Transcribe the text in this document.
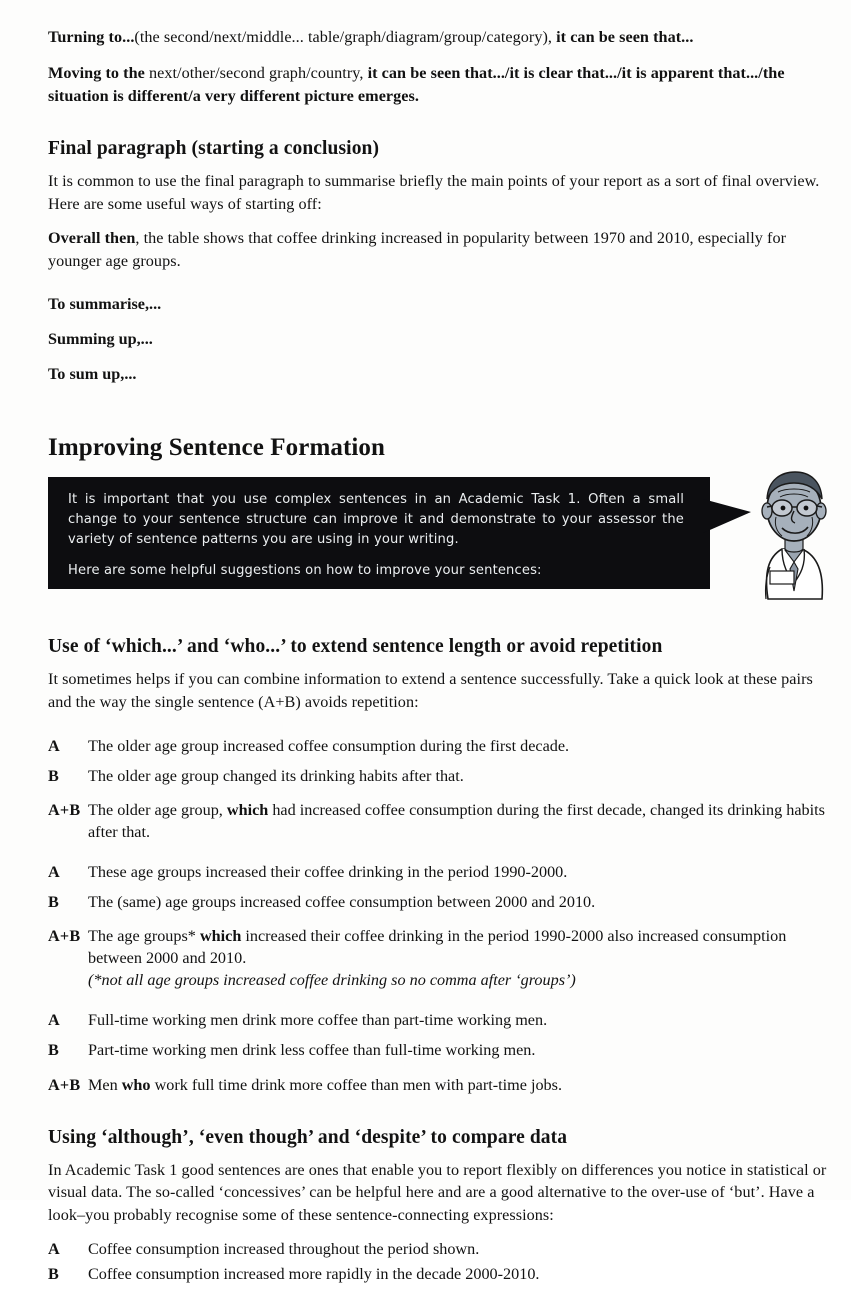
Turning to...(the second/next/middle... table/graph/diagram/group/category), it can be seen that...

Moving to the next/other/second graph/country, it can be seen that.../it is clear that.../it is apparent that.../the situation is different/a very different picture emerges.

Final paragraph (starting a conclusion)

It is common to use the final paragraph to summarise briefly the main points of your report as a sort of final overview. Here are some useful ways of starting off:

Overall then, the table shows that coffee drinking increased in popularity between 1970 and 2010, especially for younger age groups.

To summarise,...

Summing up,...

To sum up,...

Improving Sentence Formation

It is important that you use complex sentences in an Academic Task 1. Often a small change to your sentence structure can improve it and demonstrate to your assessor the variety of sentence patterns you are using in your writing.

Here are some helpful suggestions on how to improve your sentences:

Use of ‘which...’ and ‘who...’ to extend sentence length or avoid repetition

It sometimes helps if you can combine information to extend a sentence successfully. Take a quick look at these pairs and the way the single sentence (A+B) avoids repetition:

A	The older age group increased coffee consumption during the first decade.
B	The older age group changed its drinking habits after that.
A+B The older age group, which had increased coffee consumption during the first decade, changed its drinking habits after that.
A	These age groups increased their coffee drinking in the period 1990-2000.
B	The (same) age groups increased coffee consumption between 2000 and 2010.
A+B The age groups* which increased their coffee drinking in the period 1990-2000 also increased consumption between 2000 and 2010.
(*not all age groups increased coffee drinking so no comma after ‘groups’)
A	Full-time working men drink more coffee than part-time working men.
B	Part-time working men drink less coffee than full-time working men.
A+B Men who work full time drink more coffee than men with part-time jobs.
Using ‘although’, ‘even though’ and ‘despite’ to compare data

In Academic Task 1 good sentences are ones that enable you to report flexibly on differences you notice in statistical or visual data. The so-called ‘concessives’ can be helpful here and are a good alternative to the over-use of ‘but’. Have a look–you probably recognise some of these sentence-connecting expressions:

A	Coffee consumption increased throughout the period shown.
B	Coffee consumption increased more rapidly in the decade 2000-2010.
